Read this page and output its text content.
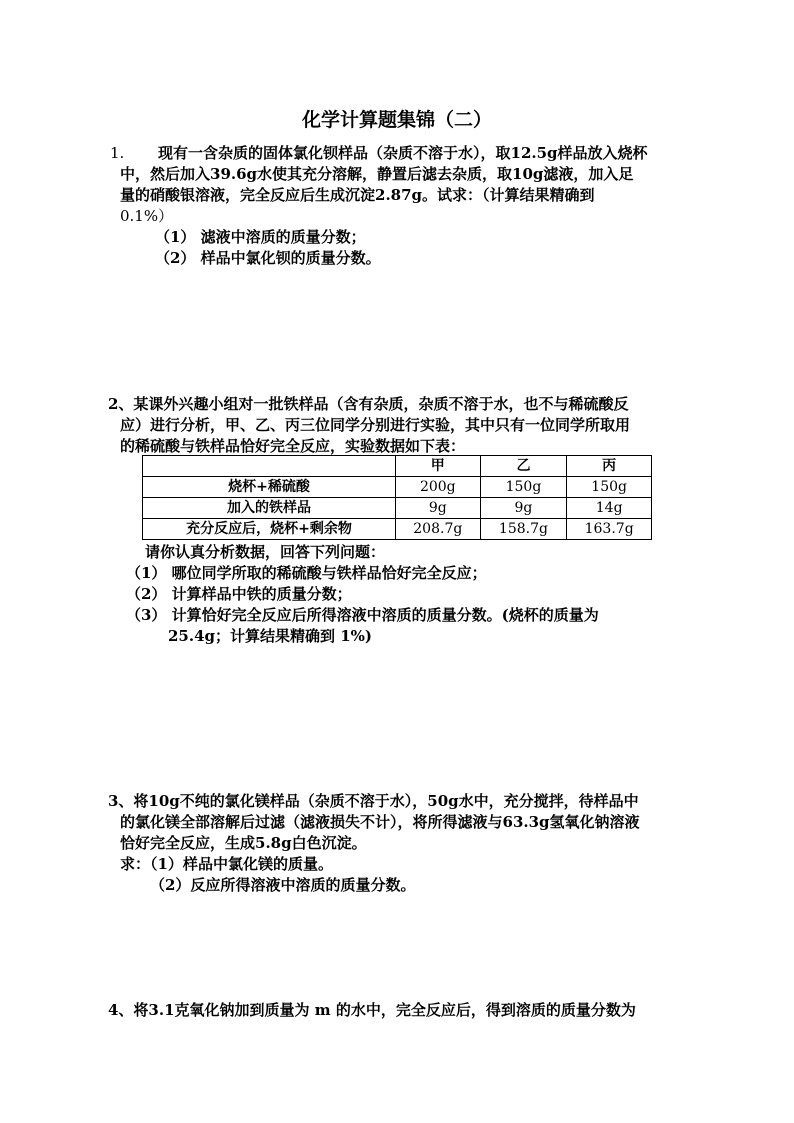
化学计算题集锦（二）
1. 现有一含杂质的固体氯化钡样品（杂质不溶于水），取12.5g样品放入烧杯
中，然后加入39.6g水使其充分溶解，静置后滤去杂质，取10g滤液，加入足
量的硝酸银溶液，完全反应后生成沉淀2.87g。试求：（计算结果精确到
0.1%）
（1） 滤液中溶质的质量分数；
（2） 样品中氯化钡的质量分数。
2、某课外兴趣小组对一批铁样品（含有杂质，杂质不溶于水，也不与稀硫酸反
应）进行分析，甲、乙、丙三位同学分别进行实验，其中只有一位同学所取用
的稀硫酸与铁样品恰好完全反应，实验数据如下表：
	甲	乙	丙
烧杯+稀硫酸	200g	150g	150g
加入的铁样品	9g	9g	14g
充分反应后，烧杯+剩余物	208.7g	158.7g	163.7g
请你认真分析数据，回答下列问题：
（1） 哪位同学所取的稀硫酸与铁样品恰好完全反应；
（2） 计算样品中铁的质量分数；
（3） 计算恰好完全反应后所得溶液中溶质的质量分数。(烧杯的质量为
25.4g；计算结果精确到 1%)
3、将10g不纯的氯化镁样品（杂质不溶于水），50g水中，充分搅拌，待样品中
的氯化镁全部溶解后过滤（滤液损失不计），将所得滤液与63.3g氢氧化钠溶液
恰好完全反应，生成5.8g白色沉淀。
求：（1）样品中氯化镁的质量。
（2）反应所得溶液中溶质的质量分数。
4、将3.1克氧化钠加到质量为 m 的水中，完全反应后，得到溶质的质量分数为
